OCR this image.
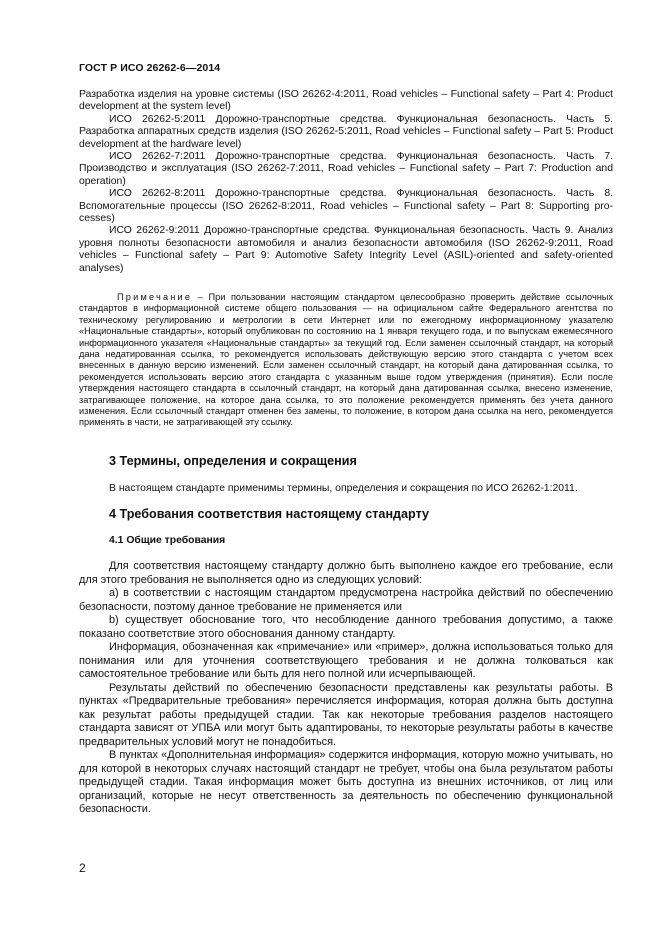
ГОСТ Р ИСО 26262-6—2014

Разработка изделия на уровне системы (ISO 26262-4:2011, Road vehicles – Functional safety – Part 4: Product development at the system level)

ИСО 26262-5:2011 Дорожно-транспортные средства. Функциональная безопасность. Часть 5. Разработка аппаратных средств изделия (ISO 26262-5:2011, Road vehicles – Functional safety – Part 5: Product development at the hardware level)

ИСО 26262-7:2011 Дорожно-транспортные средства. Функциональная безопасность. Часть 7. Производство и эксплуатация (ISO 26262-7:2011, Road vehicles – Functional safety – Part 7: Production and operation)

ИСО 26262-8:2011 Дорожно-транспортные средства. Функциональная безопасность. Часть 8. Вспомогательные процессы (ISO 26262-8:2011, Road vehicles – Functional safety – Part 8: Supporting pro-cesses)

ИСО 26262-9:2011 Дорожно-транспортные средства. Функциональная безопасность. Часть 9. Анализ уровня полноты безопасности автомобиля и анализ безопасности автомобиля (ISO 26262-9:2011, Road vehicles – Functional safety – Part 9: Automotive Safety Integrity Level (ASIL)-oriented and safety-oriented analyses)

Примечание – При пользовании настоящим стандартом целесообразно проверить действие ссылочных стандартов в информационной системе общего пользования — на официальном сайте Федерального агентства по техническому регулированию и метрологии в сети Интернет или по ежегодному информационному указателю «Национальные стандарты», который опубликован по состоянию на 1 января текущего года, и по выпускам ежемесячного информационного указателя «Национальные стандарты» за текущий год. Если заменен ссылочный стандарт, на который дана недатированная ссылка, то рекомендуется использовать действующую версию этого стандарта с учетом всех внесенных в данную версию изменений. Если заменен ссылочный стандарт, на который дана датированная ссылка, то рекомендуется использовать версию этого стандарта с указанным выше годом утверждения (принятия). Если после утверждения настоящего стандарта в ссылочный стандарт, на который дана датированная ссылка, внесено изменение, затрагивающее положение, на которое дана ссылка, то это положение рекомендуется применять без учета данного изменения. Если ссылочный стандарт отменен без замены, то положение, в котором дана ссылка на него, рекомендуется применять в части, не затрагивающей эту ссылку.

3 Термины, определения и сокращения
В настоящем стандарте применимы термины, определения и сокращения по ИСО 26262-1:2011.
4 Требования соответствия настоящему стандарту
4.1 Общие требования

Для соответствия настоящему стандарту должно быть выполнено каждое его требование, если для этого требования не выполняется одно из следующих условий:

а) в соответствии с настоящим стандартом предусмотрена настройка действий по обеспечению безопасности, поэтому данное требование не применяется или

b) существует обоснование того, что несоблюдение данного требования допустимо, а также показано соответствие этого обоснования данному стандарту.

Информация, обозначенная как «примечание» или «пример», должна использоваться только для понимания или для уточнения соответствующего требования и не должна толковаться как самостоятельное требование или быть для него полной или исчерпывающей.

Результаты действий по обеспечению безопасности представлены как результаты работы. В пунктах «Предварительные требования» перечисляется информация, которая должна быть доступна как результат работы предыдущей стадии. Так как некоторые требования разделов настоящего стандарта зависят от УПБА или могут быть адаптированы, то некоторые результаты работы в качестве предварительных условий могут не понадобиться.

В пунктах «Дополнительная информация» содержится информация, которую можно учитывать, но для которой в некоторых случаях настоящий стандарт не требует, чтобы она была результатом работы предыдущей стадии. Такая информация может быть доступна из внешних источников, от лиц или организаций, которые не несут ответственность за деятельность по обеспечению функциональной безопасности.

2
